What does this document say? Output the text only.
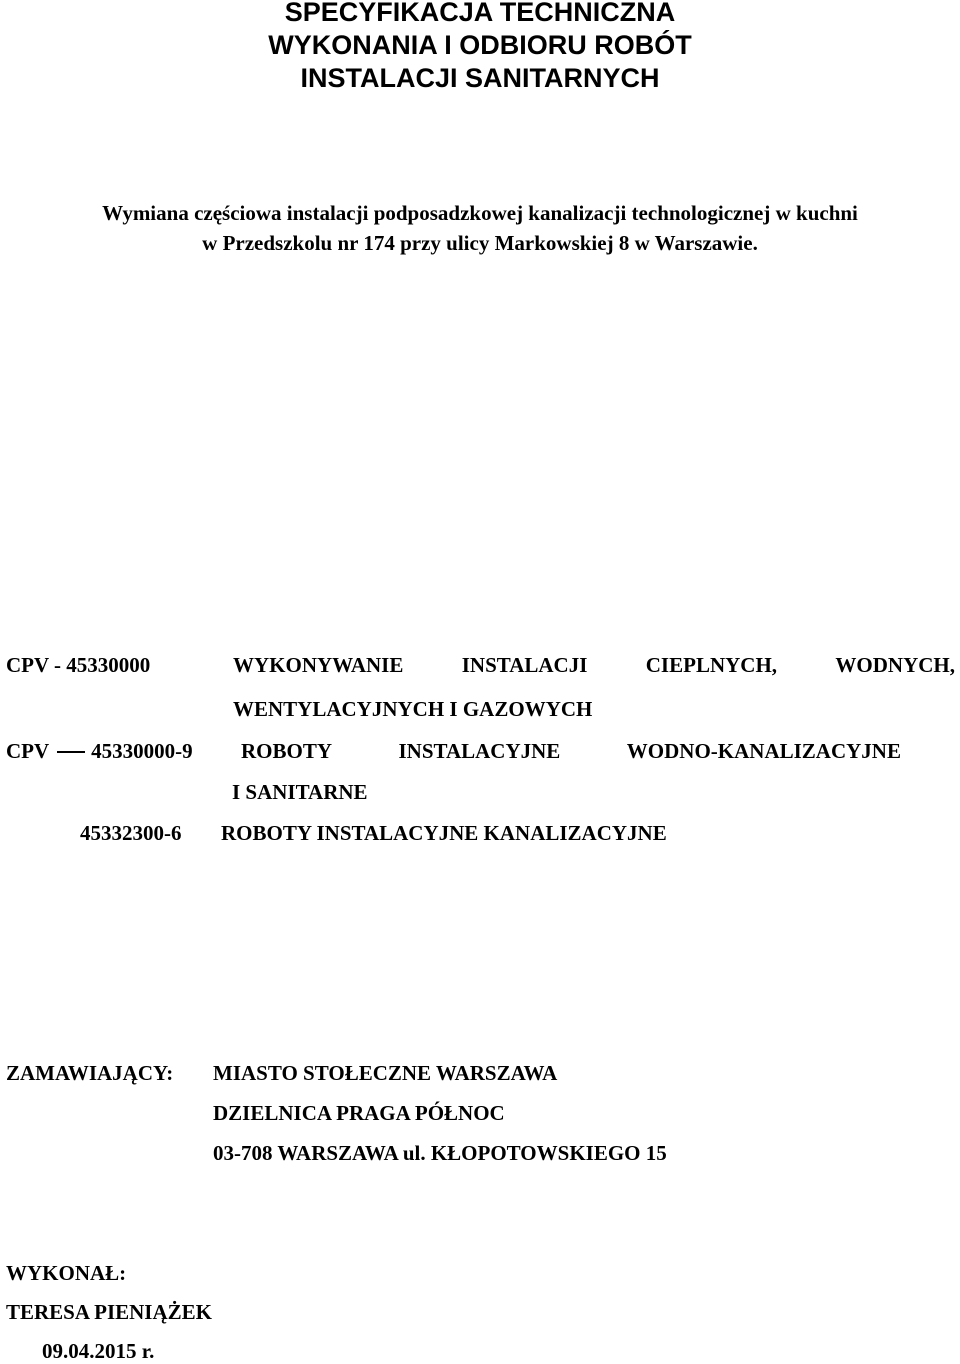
SPECYFIKACJA TECHNICZNA
WYKONANIA I ODBIORU ROBÓT
INSTALACJI SANITARNYCH
Wymiana częściowa instalacji podposadzkowej kanalizacji technologicznej w kuchni
w Przedszkolu nr 174 przy ulicy Markowskiej 8 w Warszawie.
CPV - 45330000	WYKONYWANIE	INSTALACJI	CIEPLNYCH,	WODNYCH,
WENTYLACYJNYCH I GAZOWYCH
CPV 45330000-9 ROBOTY	INSTALACYJNE	WODNO-KANALIZACYJNE
I SANITARNE
45332300-6 ROBOTY INSTALACYJNE KANALIZACYJNE
ZAMAWIAJĄCY: MIASTO STOŁECZNE WARSZAWA
DZIELNICA PRAGA PÓŁNOC
03-708 WARSZAWA ul. KŁOPOTOWSKIEGO 15
WYKONAŁ:
TERESA PIENIĄŻEK
09.04.2015 r.
